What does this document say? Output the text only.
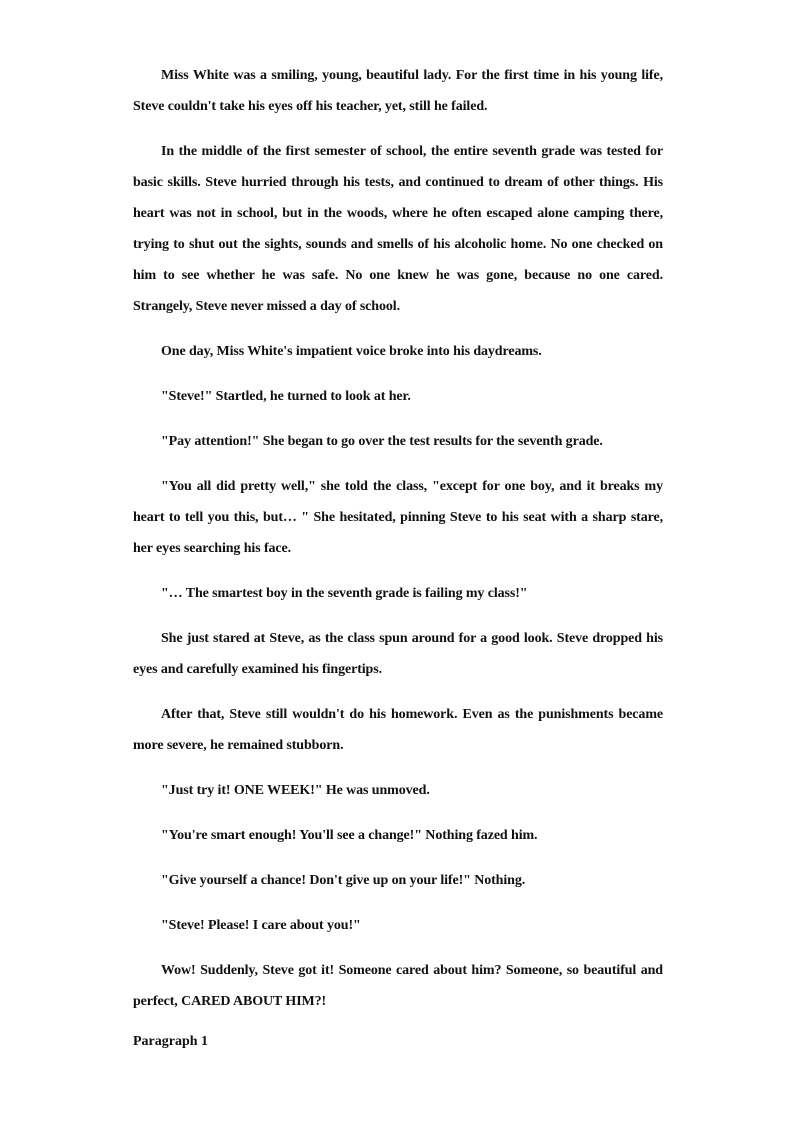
Miss White was a smiling, young, beautiful lady. For the first time in his young life, Steve couldn't take his eyes off his teacher, yet, still he failed.

In the middle of the first semester of school, the entire seventh grade was tested for basic skills. Steve hurried through his tests, and continued to dream of other things. His heart was not in school, but in the woods, where he often escaped alone camping there, trying to shut out the sights, sounds and smells of his alcoholic home. No one checked on him to see whether he was safe. No one knew he was gone, because no one cared. Strangely, Steve never missed a day of school.

One day, Miss White's impatient voice broke into his daydreams.

"Steve!" Startled, he turned to look at her.

"Pay attention!" She began to go over the test results for the seventh grade.

"You all did pretty well," she told the class, "except for one boy, and it breaks my heart to tell you this, but… " She hesitated, pinning Steve to his seat with a sharp stare, her eyes searching his face.

"… The smartest boy in the seventh grade is failing my class!"

She just stared at Steve, as the class spun around for a good look. Steve dropped his eyes and carefully examined his fingertips.

After that, Steve still wouldn't do his homework. Even as the punishments became more severe, he remained stubborn.

"Just try it! ONE WEEK!" He was unmoved.

"You're smart enough! You'll see a change!" Nothing fazed him.

"Give yourself a chance! Don't give up on your life!" Nothing.

"Steve! Please! I care about you!"

Wow! Suddenly, Steve got it! Someone cared about him? Someone, so beautiful and perfect, CARED ABOUT HIM?!

Paragraph 1
